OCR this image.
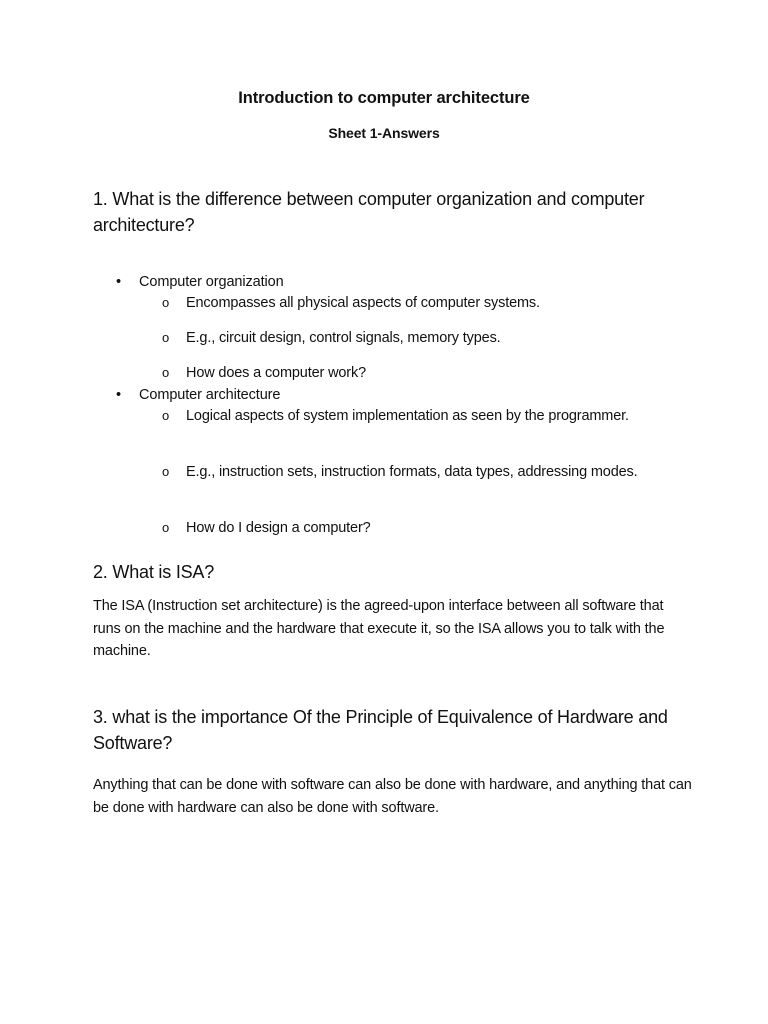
Introduction to computer architecture
Sheet 1-Answers
1. What is the difference between computer organization and computer architecture?
• Computer organization
o Encompasses all physical aspects of computer systems.
o E.g., circuit design, control signals, memory types.
o How does a computer work?
• Computer architecture
o Logical aspects of system implementation as seen by the programmer.
o E.g., instruction sets, instruction formats, data types, addressing modes.
o How do I design a computer?
2. What is ISA?
The ISA (Instruction set architecture) is the agreed-upon interface between all software that runs on the machine and the hardware that execute it, so the ISA allows you to talk with the machine.
3. what is the importance Of the Principle of Equivalence of Hardware and Software?
Anything that can be done with software can also be done with hardware, and anything that can be done with hardware can also be done with software.
